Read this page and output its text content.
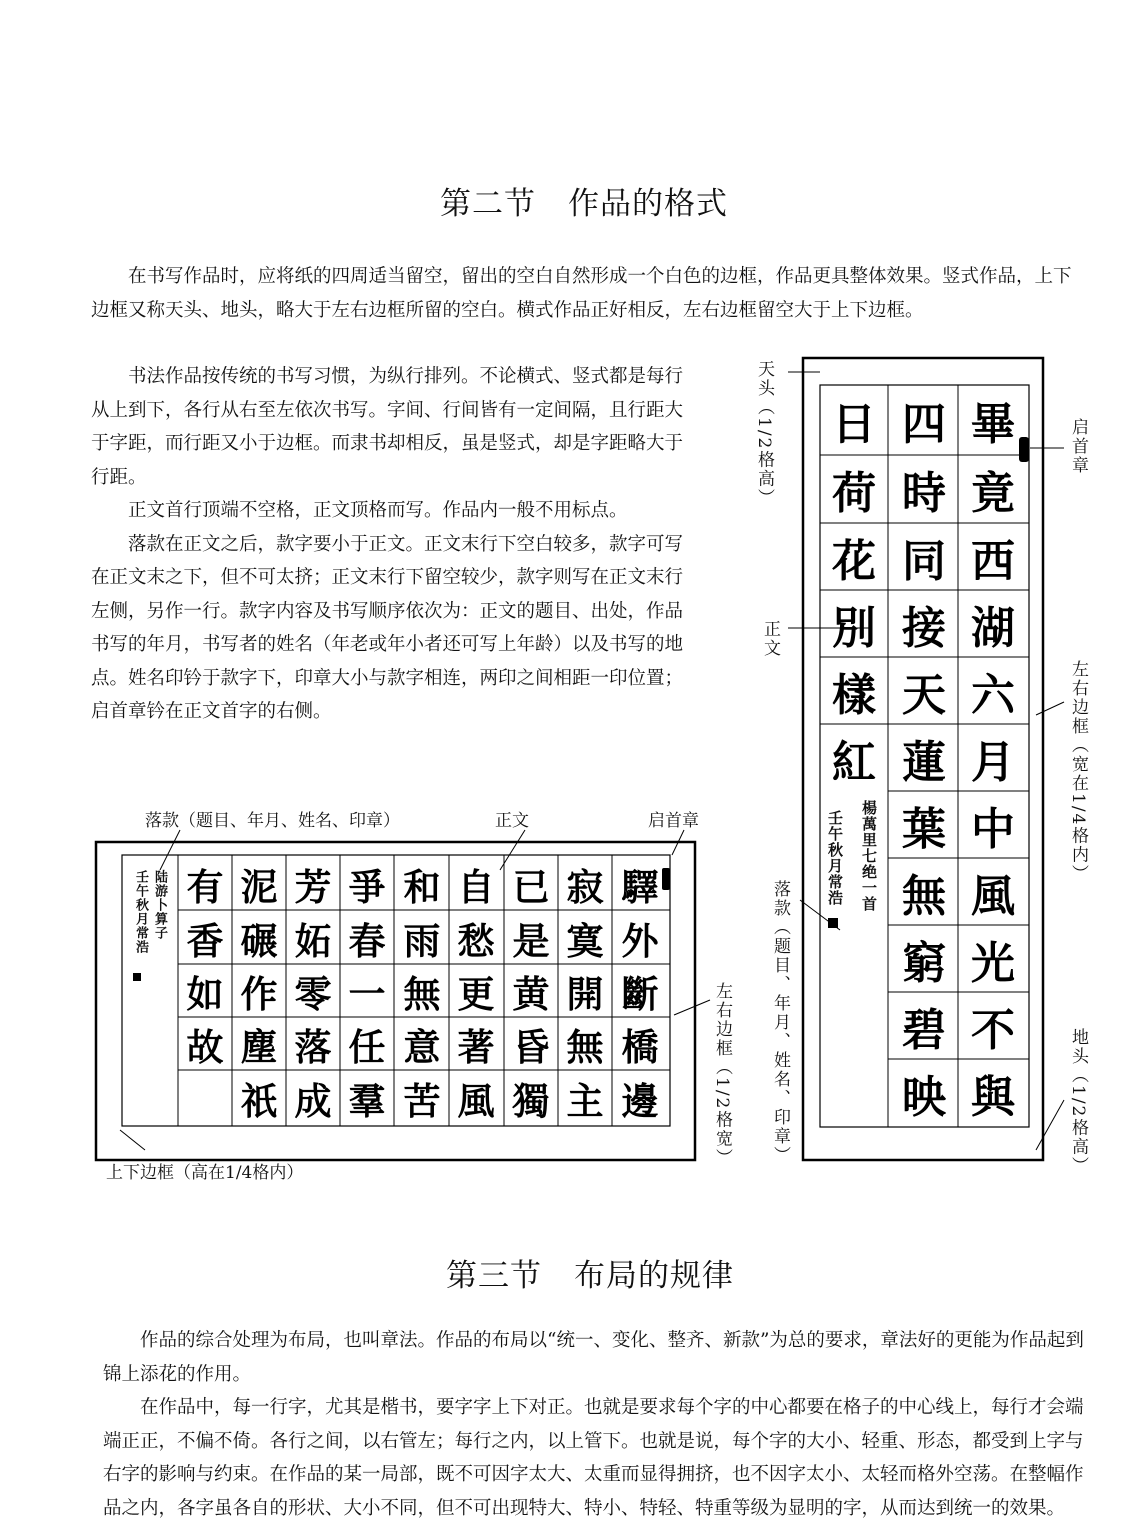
第二节　作品的格式

在书写作品时，应将纸的四周适当留空，留出的空白自然形成一个白色的边框，作品更具整体效果。竖式作品，上下边框又称天头、地头，略大于左右边框所留的空白。横式作品正好相反，左右边框留空大于上下边框。

书法作品按传统的书写习惯，为纵行排列。不论横式、竖式都是每行从上到下，各行从右至左依次书写。字间、行间皆有一定间隔，且行距大于字距，而行距又小于边框。而隶书却相反，虽是竖式，却是字距略大于行距。

正文首行顶端不空格，正文顶格而写。作品内一般不用标点。

落款在正文之后，款字要小于正文。正文末行下空白较多，款字可写在正文末之下，但不可太挤；正文末行下留空较少，款字则写在正文末行左侧，另作一行。款字内容及书写顺序依次为：正文的题目、出处，作品书写的年月，书写者的姓名（年老或年小者还可写上年龄）以及书写的地点。姓名印钤于款字下，印章大小与款字相连，两印之间相距一印位置；启首章钤在正文首字的右侧。

天头（1/2格高）	启首章
正文
左右边框（宽在1/4格内）
落款（题目、年月、姓名、印章）	地头（1/2格高）
畢
竟
西
湖
六
月
中
風
光
不
與
四
時
同
接
天
蓮
葉
無
窮
碧
映
日
荷
花
別
樣
紅
楊萬里七绝一首
壬午秋月常浩
落款（题目、年月、姓名、印章）	正文	启首章
左右边框（1/2格宽）
上下边框（高在1/4格内）
驛
外
斷
橋
邊
寂
寞
開
無
主
已
是
黄
昏
獨
自
愁
更
著
風
和
雨
無
意
苦
爭
春
一
任
羣
芳
妬
零
落
成
泥
碾
作
塵
祇
有
香
如
故
陆游卜算子
壬午秋月常浩
第三节　布局的规律

作品的综合处理为布局，也叫章法。作品的布局以“统一、变化、整齐、新款”为总的要求，章法好的更能为作品起到锦上添花的作用。

在作品中，每一行字，尤其是楷书，要字字上下对正。也就是要求每个字的中心都要在格子的中心线上，每行才会端端正正，不偏不倚。各行之间，以右管左；每行之内，以上管下。也就是说，每个字的大小、轻重、形态，都受到上字与右字的影响与约束。在作品的某一局部，既不可因字太大、太重而显得拥挤，也不因字太小、太轻而格外空荡。在整幅作品之内，各字虽各自的形状、大小不同，但不可出现特大、特小、特轻、特重等级为显明的字，从而达到统一的效果。
